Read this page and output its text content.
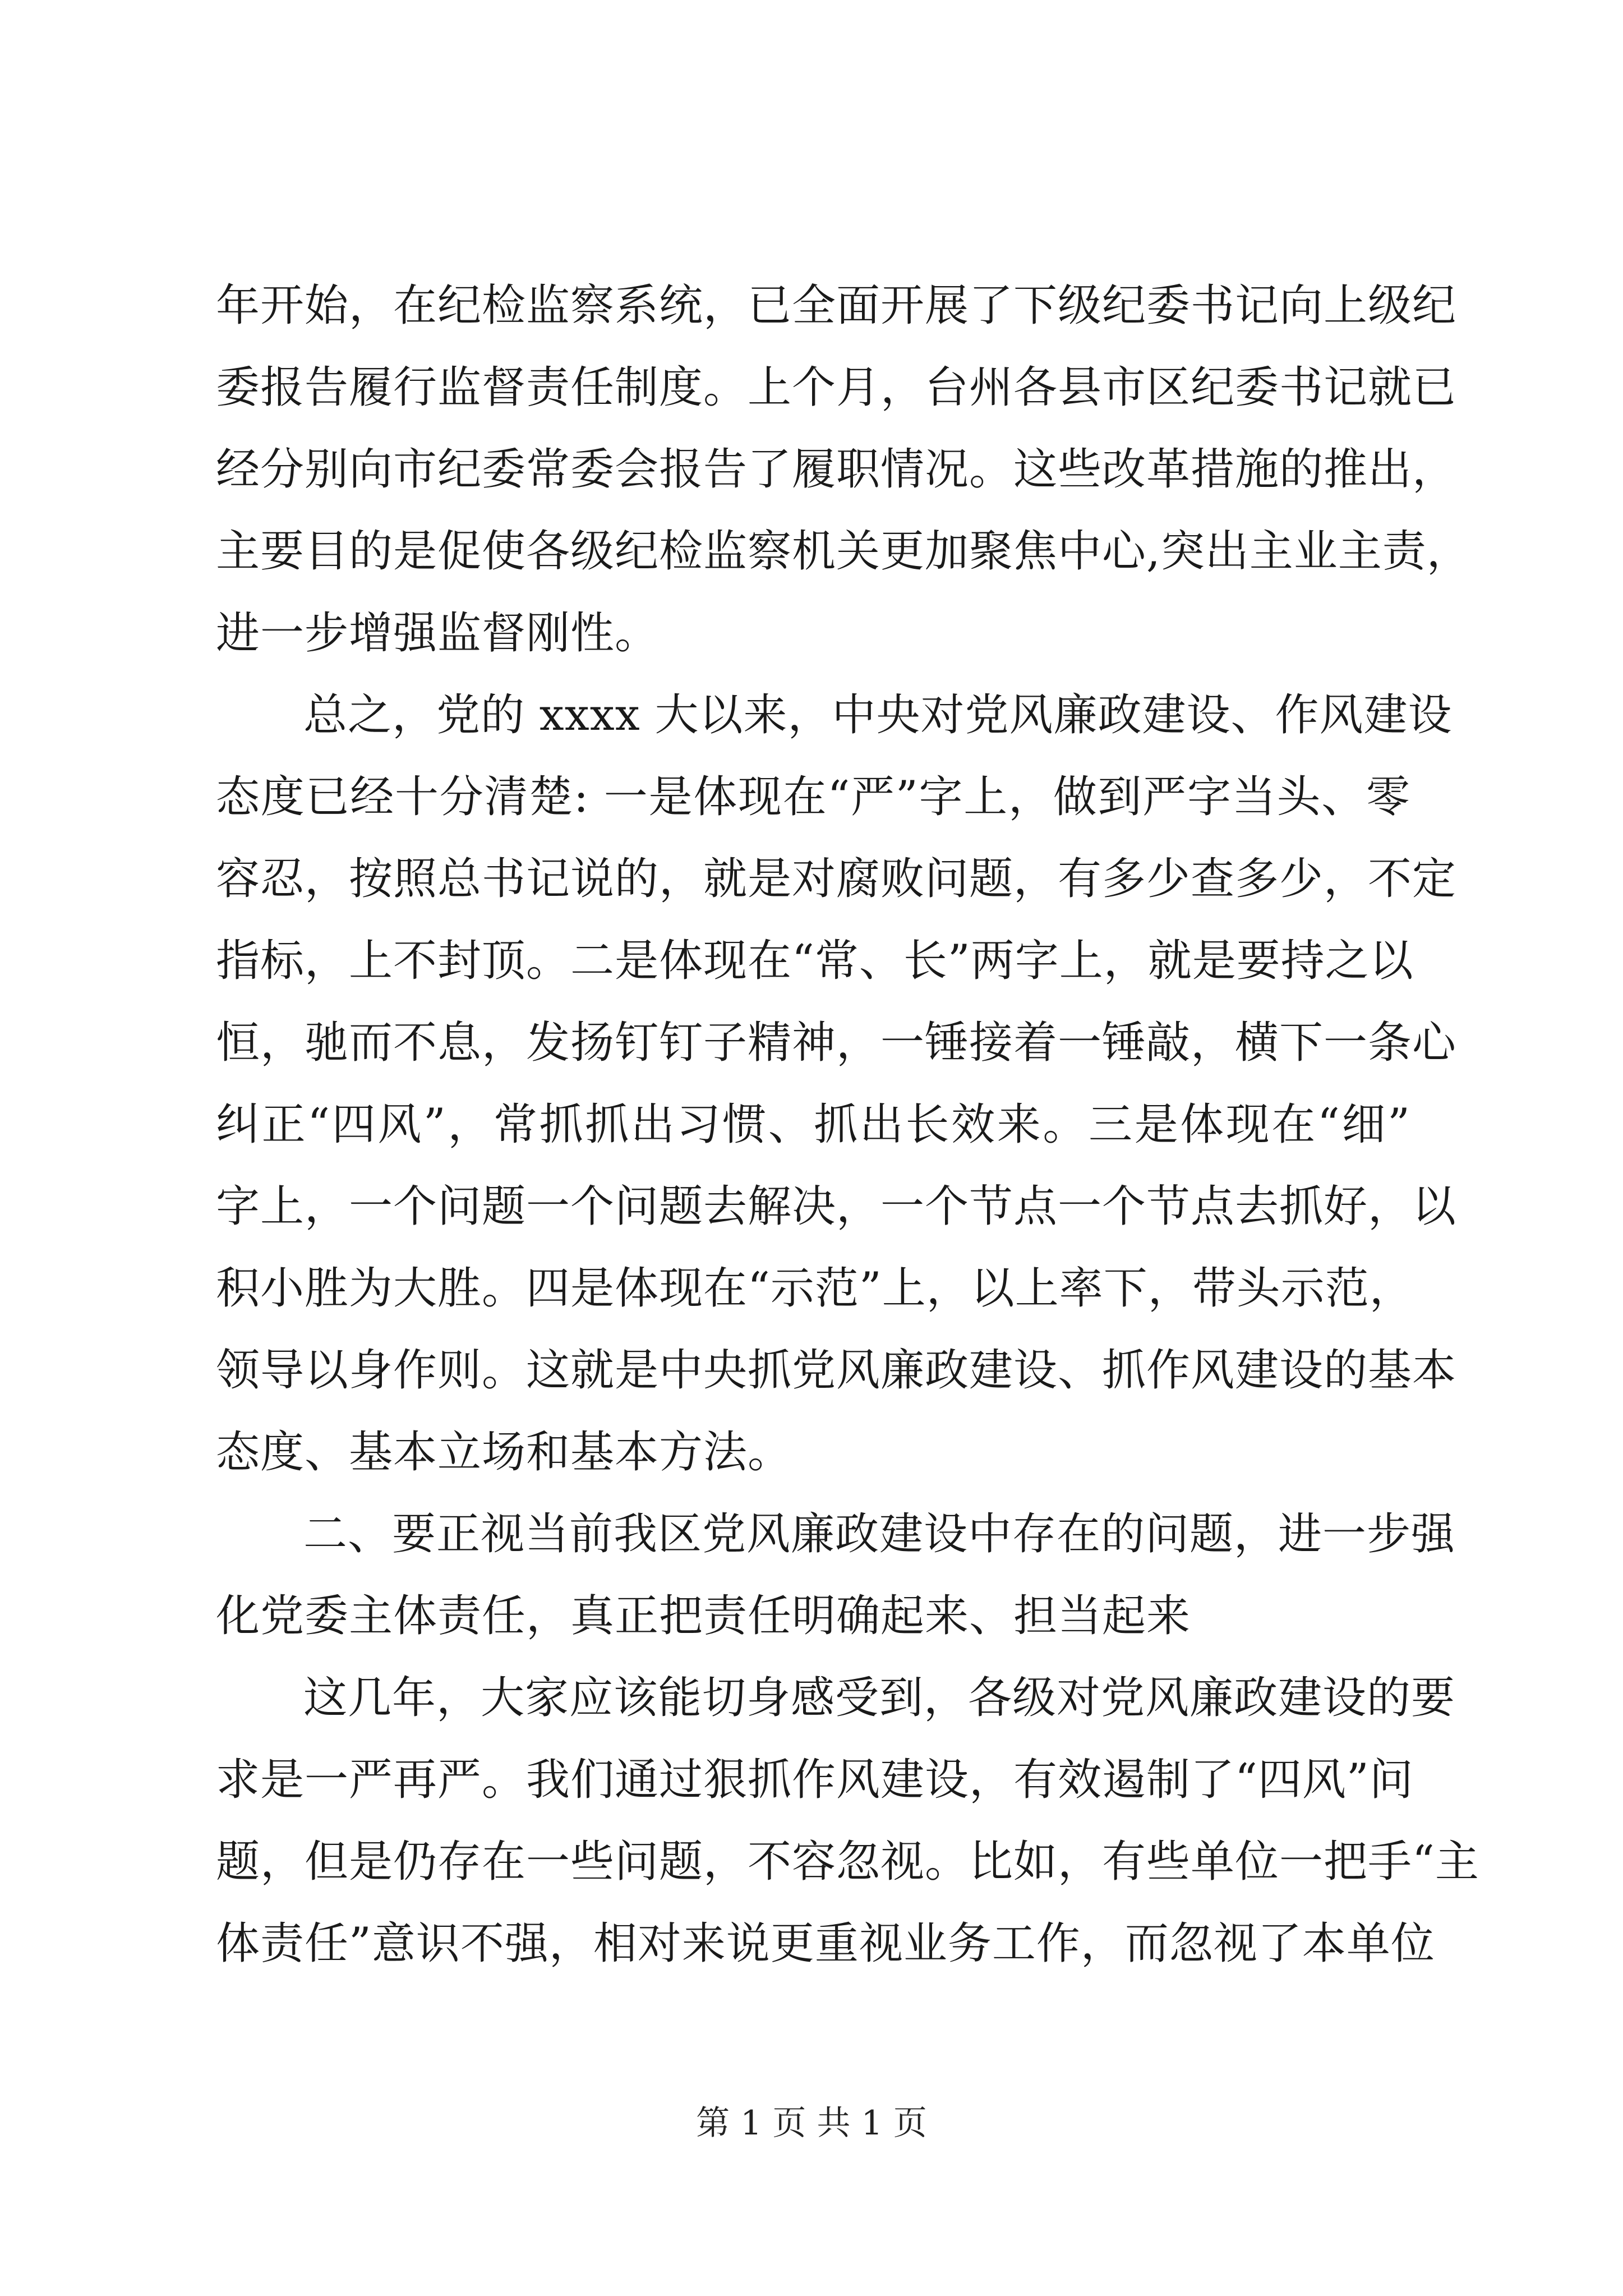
年开始，在纪检监察系统，已全面开展了下级纪委书记向上级纪
委报告履行监督责任制度。上个月，台州各县市区纪委书记就已
经分别向市纪委常委会报告了履职情况。这些改革措施的推出，
主要目的是促使各级纪检监察机关更加聚焦中心,突出主业主责，
进一步增强监督刚性。
总之，党的 xxxx 大以来，中央对党风廉政建设、作风建设
态度已经十分清楚: 一是体现在“严”字上，做到严字当头、零
容忍，按照总书记说的，就是对腐败问题，有多少查多少，不定
指标，上不封顶。二是体现在“常、长”两字上，就是要持之以
恒，驰而不息，发扬钉钉子精神，一锤接着一锤敲，横下一条心
纠正“四风”，常抓抓出习惯、抓出长效来。三是体现在“细”
字上，一个问题一个问题去解决，一个节点一个节点去抓好，以
积小胜为大胜。四是体现在“示范”上，以上率下，带头示范，
领导以身作则。这就是中央抓党风廉政建设、抓作风建设的基本
态度、基本立场和基本方法。
二、要正视当前我区党风廉政建设中存在的问题，进一步强
化党委主体责任，真正把责任明确起来、担当起来
这几年，大家应该能切身感受到，各级对党风廉政建设的要
求是一严再严。我们通过狠抓作风建设，有效遏制了“四风”问
题，但是仍存在一些问题，不容忽视。比如，有些单位一把手“主
体责任”意识不强，相对来说更重视业务工作，而忽视了本单位
第 1 页 共 1 页
